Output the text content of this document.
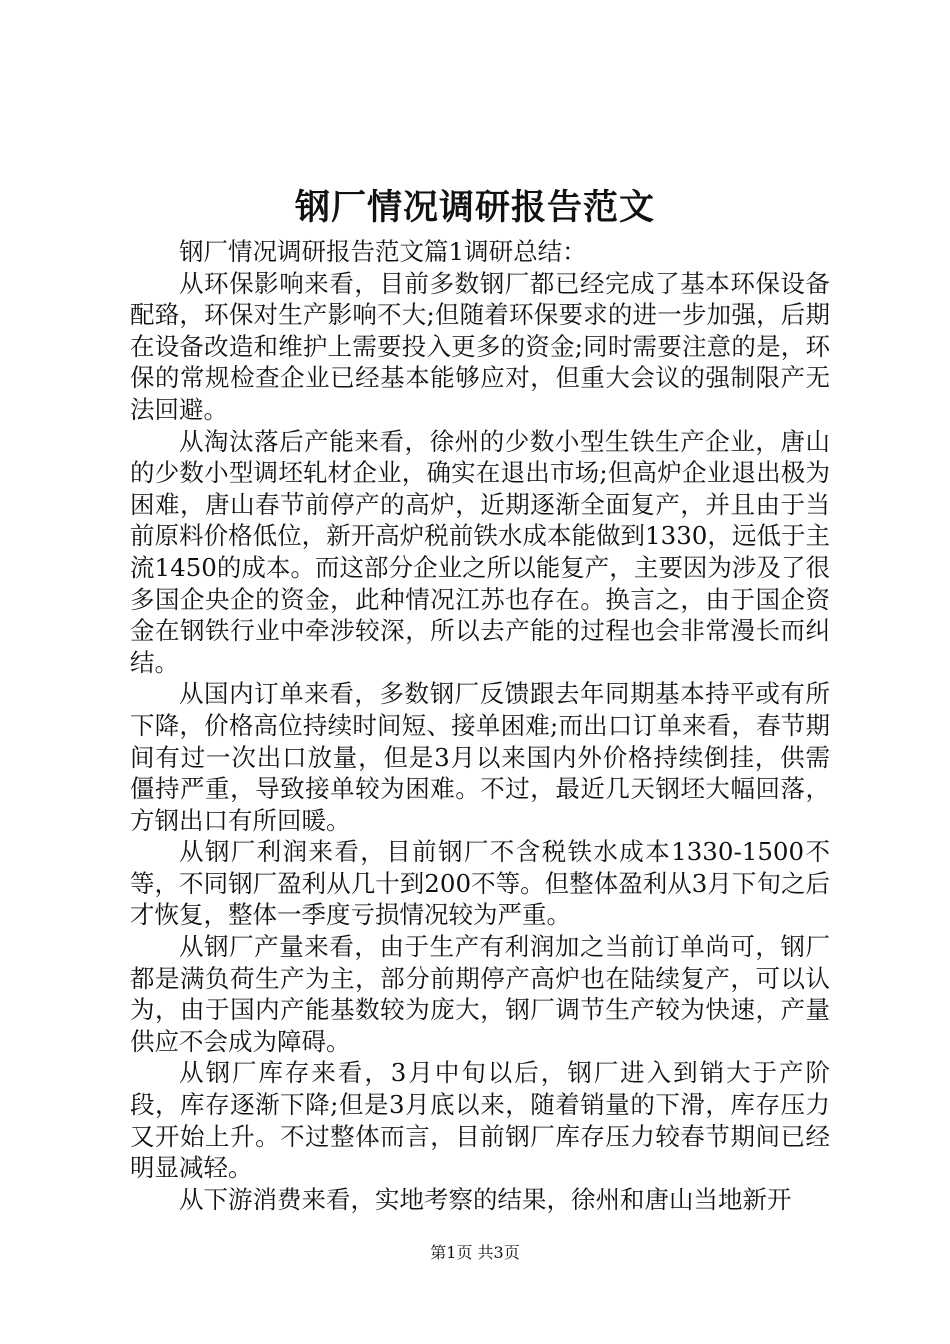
钢厂情况调研报告范文

钢厂情况调研报告范文篇1调研总结：

从环保影响来看，目前多数钢厂都已经完成了基本环保设备配臵，环保对生产影响不大;但随着环保要求的进一步加强，后期在设备改造和维护上需要投入更多的资金;同时需要注意的是，环保的常规检查企业已经基本能够应对，但重大会议的强制限产无法回避。

从淘汰落后产能来看，徐州的少数小型生铁生产企业，唐山的少数小型调坯轧材企业，确实在退出市场;但高炉企业退出极为困难，唐山春节前停产的高炉，近期逐渐全面复产，并且由于当前原料价格低位，新开高炉税前铁水成本能做到1330，远低于主流1450的成本。而这部分企业之所以能复产，主要因为涉及了很多国企央企的资金，此种情况江苏也存在。换言之，由于国企资金在钢铁行业中牵涉较深，所以去产能的过程也会非常漫长而纠结。

从国内订单来看，多数钢厂反馈跟去年同期基本持平或有所下降，价格高位持续时间短、接单困难;而出口订单来看，春节期间有过一次出口放量，但是3月以来国内外价格持续倒挂，供需僵持严重，导致接单较为困难。不过，最近几天钢坯大幅回落，方钢出口有所回暖。

从钢厂利润来看，目前钢厂不含税铁水成本1330-1500不等，不同钢厂盈利从几十到200不等。但整体盈利从3月下旬之后才恢复，整体一季度亏损情况较为严重。

从钢厂产量来看，由于生产有利润加之当前订单尚可，钢厂都是满负荷生产为主，部分前期停产高炉也在陆续复产，可以认为，由于国内产能基数较为庞大，钢厂调节生产较为快速，产量供应不会成为障碍。

从钢厂库存来看，3月中旬以后，钢厂进入到销大于产阶段，库存逐渐下降;但是3月底以来，随着销量的下滑，库存压力又开始上升。不过整体而言，目前钢厂库存压力较春节期间已经明显减轻。

从下游消费来看，实地考察的结果，徐州和唐山当地新开

第1页 共3页
